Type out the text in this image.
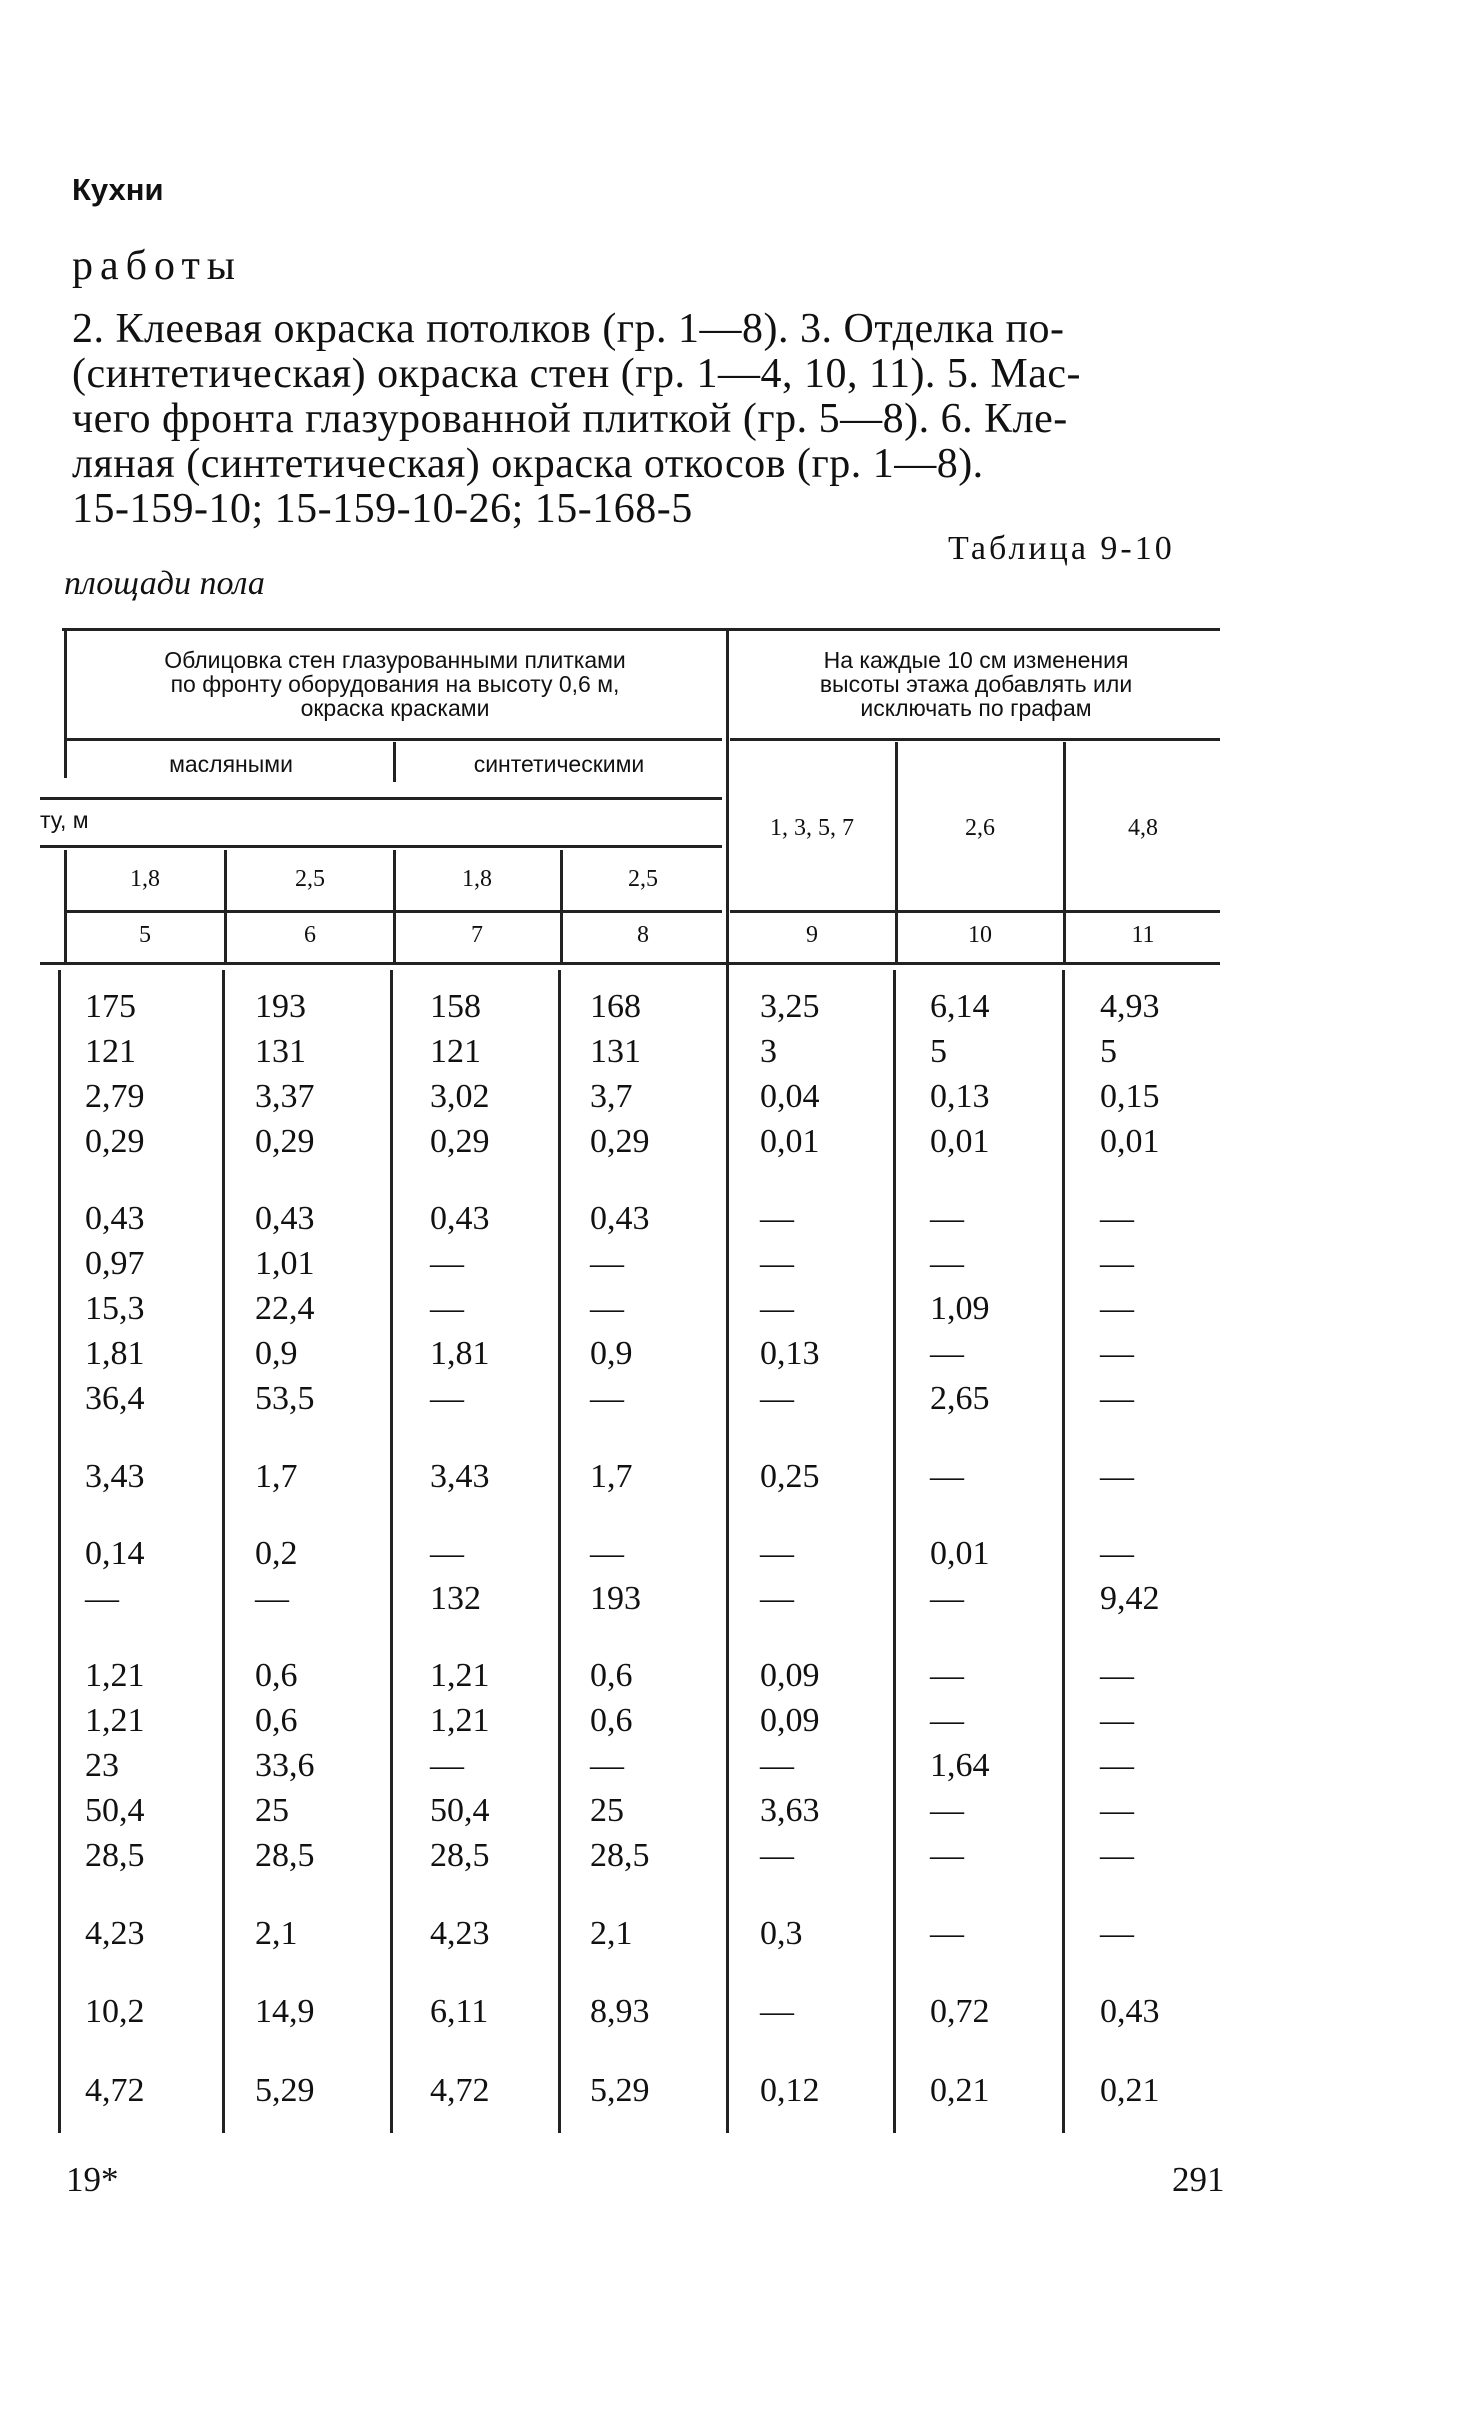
Кухни
работы
2. Клеевая окраска потолков (гр. 1—8). 3. Отделка по-
(синтетическая) окраска стен (гр. 1—4, 10, 11). 5. Мас-
чего фронта глазурованной плиткой (гр. 5—8). 6. Кле-
ляная (синтетическая) окраска откосов (гр. 1—8).
15-159-10; 15-159-10-26; 15-168-5
Таблица 9-10
площади пола
Облицовка стен глазурованными плитками
по фронту оборудования на высоту 0,6 м,
окраска красками
На каждые 10 см изменения
высоты этажа добавлять или
исключать по графам
масляными	синтетическими
ту, м
1,8	2,5	1,8	2,5
1, 3, 5, 7	2,6	4,8
5	6	7	8	9	10	11
175	193	158	168	3,25	6,14	4,93
121	131	121	131	3	5	5
2,79	3,37	3,02	3,7	0,04	0,13	0,15
0,29	0,29	0,29	0,29	0,01	0,01	0,01
0,43	0,43	0,43	0,43	—	—	—
0,97	1,01	—	—	—	—	—
15,3	22,4	—	—	—	1,09	—
1,81	0,9	1,81	0,9	0,13	—	—
36,4	53,5	—	—	—	2,65	—
3,43	1,7	3,43	1,7	0,25	—	—
0,14	0,2	—	—	—	0,01	—
—	—	132	193	—	—	9,42
1,21	0,6	1,21	0,6	0,09	—	—
1,21	0,6	1,21	0,6	0,09	—	—
23	33,6	—	—	—	1,64	—
50,4	25	50,4	25	3,63	—	—
28,5	28,5	28,5	28,5	—	—	—
4,23	2,1	4,23	2,1	0,3	—	—
10,2	14,9	6,11	8,93	—	0,72	0,43
4,72	5,29	4,72	5,29	0,12	0,21	0,21
19*	291
